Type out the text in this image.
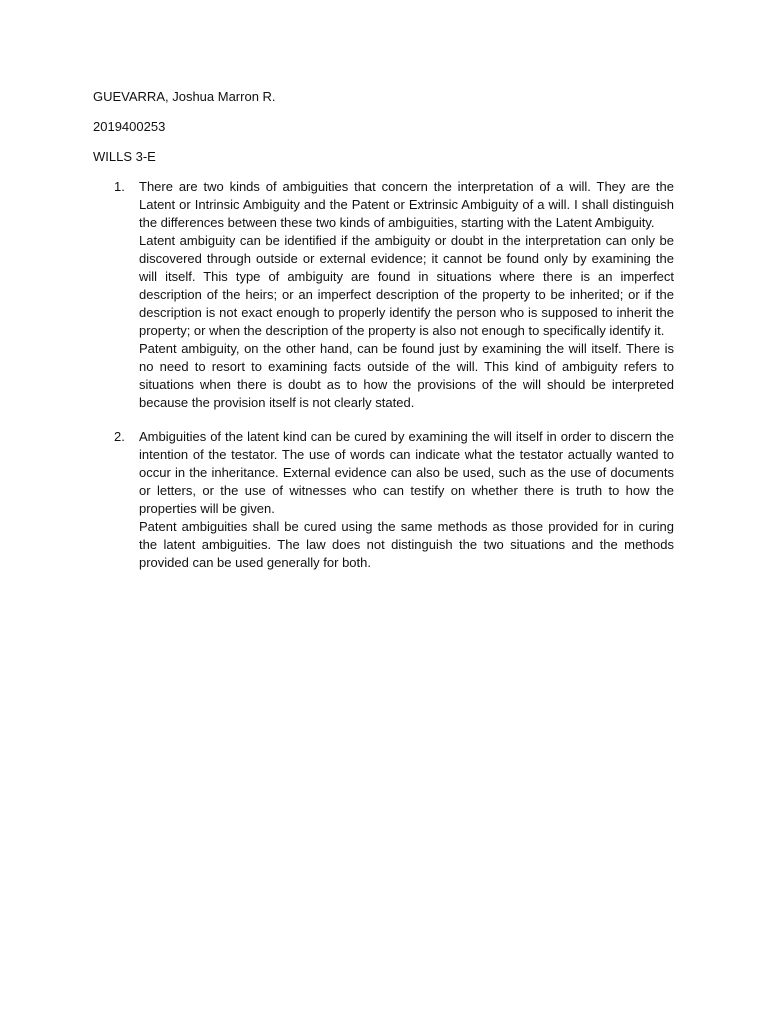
GUEVARRA, Joshua Marron R.
2019400253
WILLS 3-E
1. There are two kinds of ambiguities that concern the interpretation of a will. They are the Latent or Intrinsic Ambiguity and the Patent or Extrinsic Ambiguity of a will. I shall distinguish the differences between these two kinds of ambiguities, starting with the Latent Ambiguity.

Latent ambiguity can be identified if the ambiguity or doubt in the interpretation can only be discovered through outside or external evidence; it cannot be found only by examining the will itself. This type of ambiguity are found in situations where there is an imperfect description of the heirs; or an imperfect description of the property to be inherited; or if the description is not exact enough to properly identify the person who is supposed to inherit the property; or when the description of the property is also not enough to specifically identify it.

Patent ambiguity, on the other hand, can be found just by examining the will itself. There is no need to resort to examining facts outside of the will. This kind of ambiguity refers to situations when there is doubt as to how the provisions of the will should be interpreted because the provision itself is not clearly stated.

2. Ambiguities of the latent kind can be cured by examining the will itself in order to discern the intention of the testator. The use of words can indicate what the testator actually wanted to occur in the inheritance. External evidence can also be used, such as the use of documents or letters, or the use of witnesses who can testify on whether there is truth to how the properties will be given.

Patent ambiguities shall be cured using the same methods as those provided for in curing the latent ambiguities. The law does not distinguish the two situations and the methods provided can be used generally for both.
